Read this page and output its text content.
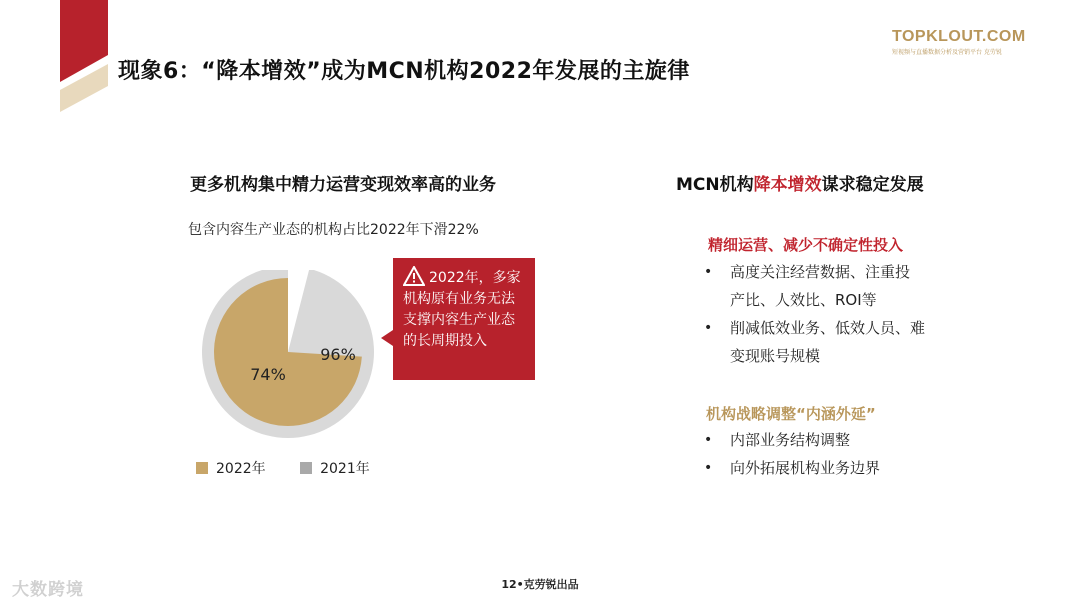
现象6：“降本增效”成为MCN机构2022年发展的主旋律
TOPKLOUT.COM
短视频与直播数据分析及营销平台 克劳锐
更多机构集中精力运营变现效率高的业务
包含内容生产业态的机构占比2022年下滑22%
74%
96%
2022年，多家机构原有业务无法支撑内容生产业态的长周期投入
2022年	2021年
MCN机构降本增效谋求稳定发展
精细运营、减少不确定性投入
• 高度关注经营数据、注重投产比、人效比、ROI等
• 削减低效业务、低效人员、难变现账号规模
机构战略调整“内涵外延”
• 内部业务结构调整
• 向外拓展机构业务边界
12•克劳锐出品
大数跨境
